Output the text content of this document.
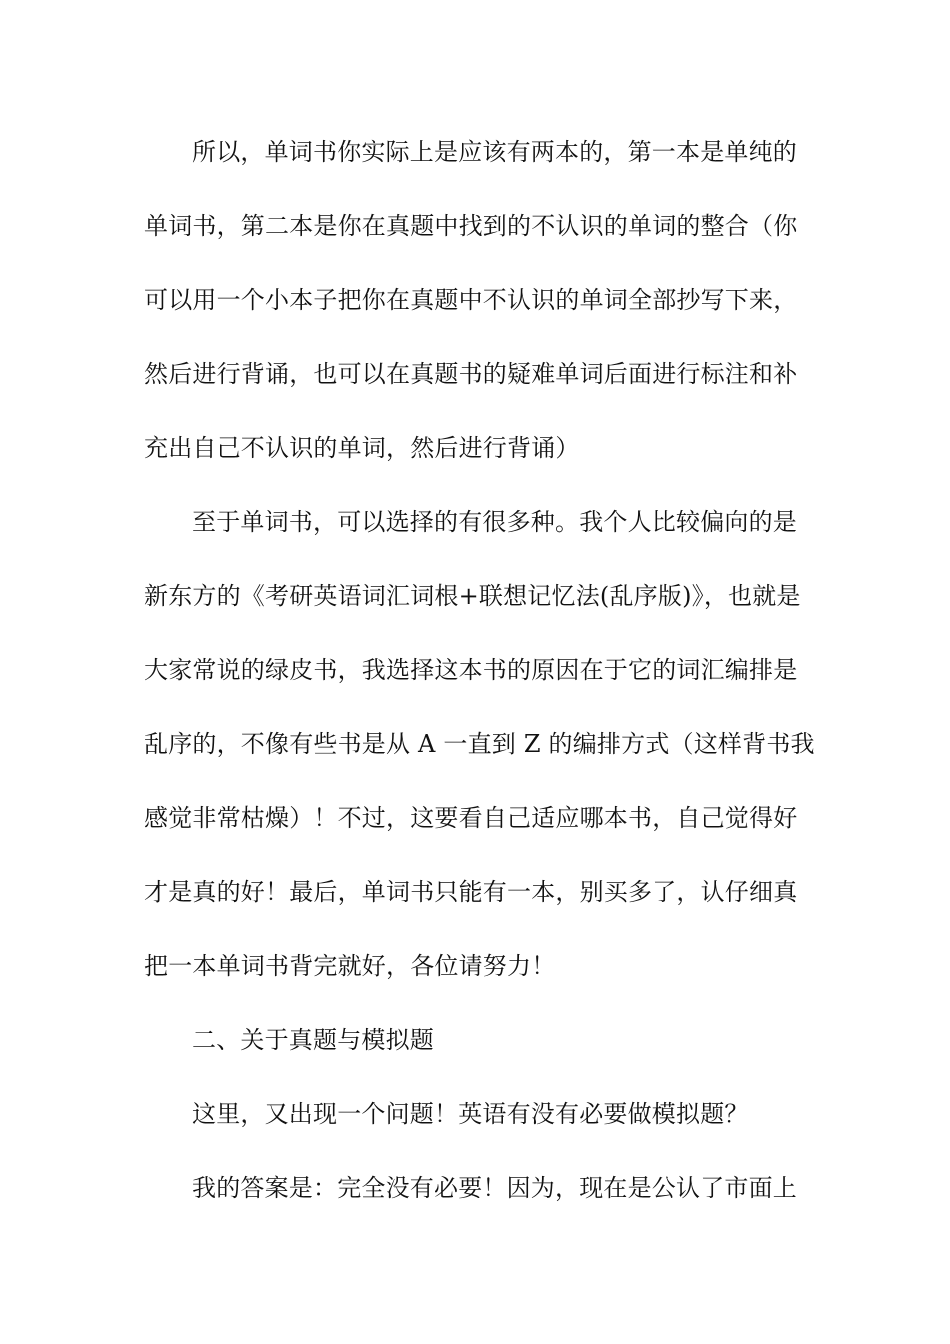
所以，单词书你实际上是应该有两本的，第一本是单纯的

单词书，第二本是你在真题中找到的不认识的单词的整合（你

可以用一个小本子把你在真题中不认识的单词全部抄写下来，

然后进行背诵，也可以在真题书的疑难单词后面进行标注和补

充出自己不认识的单词，然后进行背诵）

至于单词书，可以选择的有很多种。我个人比较偏向的是

新东方的《考研英语词汇词根+联想记忆法(乱序版)》，也就是

大家常说的绿皮书，我选择这本书的原因在于它的词汇编排是

乱序的，不像有些书是从 A 一直到 Z 的编排方式（这样背书我

感觉非常枯燥）！不过，这要看自己适应哪本书，自己觉得好

才是真的好！最后，单词书只能有一本，别买多了，认仔细真

把一本单词书背完就好，各位请努力！

二、关于真题与模拟题

这里，又出现一个问题！英语有没有必要做模拟题？

我的答案是：完全没有必要！因为，现在是公认了市面上
